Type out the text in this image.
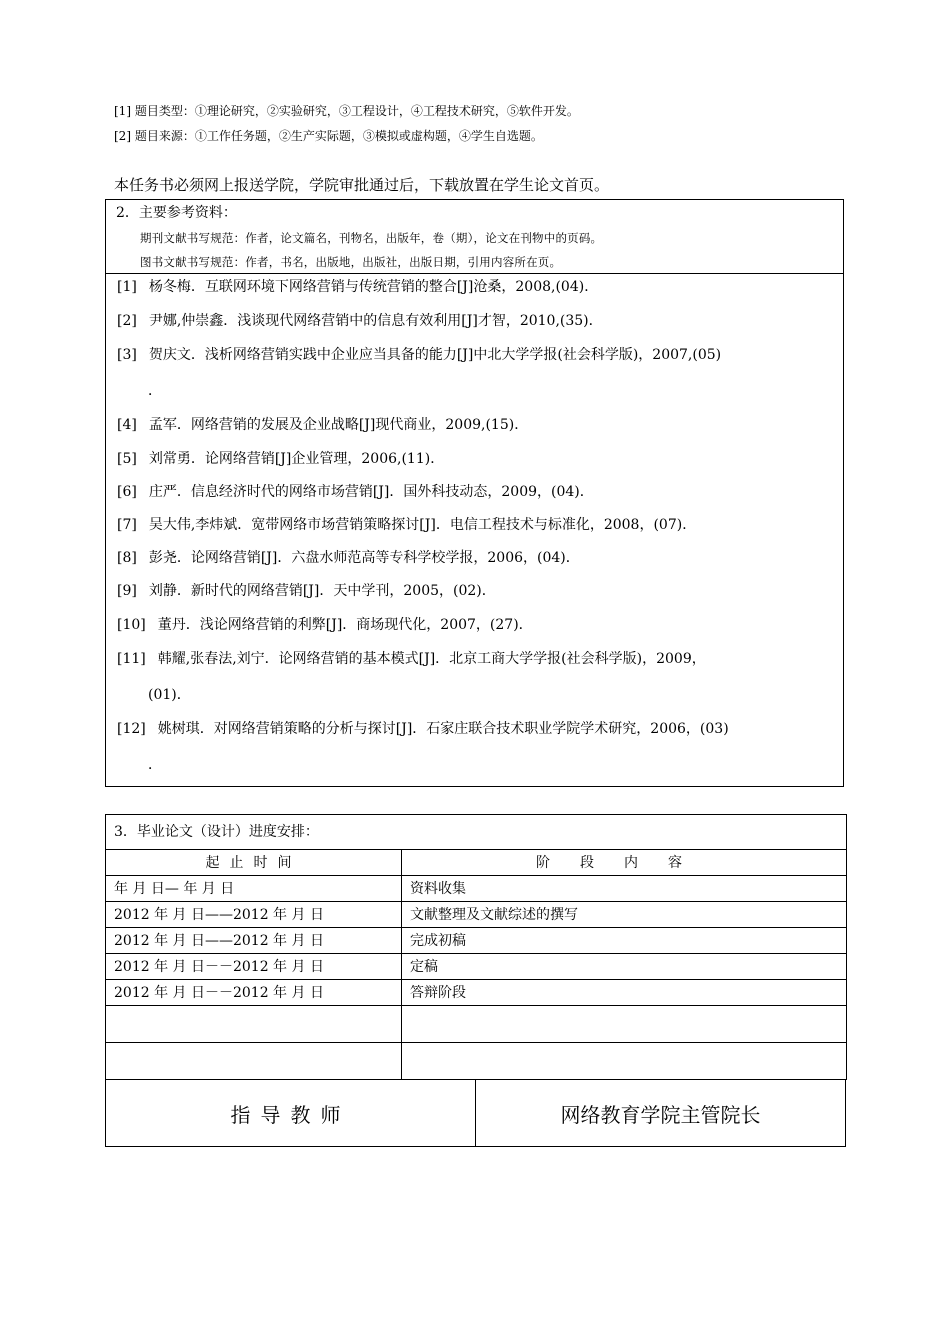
[1] 题目类型：①理论研究，②实验研究，③工程设计，④工程技术研究，⑤软件开发。
[2] 题目来源：①工作任务题，②生产实际题，③模拟或虚构题，④学生自选题。
本任务书必须网上报送学院，学院审批通过后，下载放置在学生论文首页。
2．主要参考资料：
期刊文献书写规范：作者，论文篇名，刊物名，出版年，卷（期），论文在刊物中的页码。
图书文献书写规范：作者，书名，出版地，出版社，出版日期，引用内容所在页。
[1] 杨冬梅．互联网环境下网络营销与传统营销的整合[J]沧桑，2008,(04)．
[2] 尹娜,仲崇鑫．浅谈现代网络营销中的信息有效利用[J]才智，2010,(35)．
[3] 贺庆文．浅析网络营销实践中企业应当具备的能力[J]中北大学学报(社会科学版)，2007,(05)
．
[4] 孟军．网络营销的发展及企业战略[J]现代商业，2009,(15)．
[5] 刘常勇．论网络营销[J]企业管理，2006,(11)．
[6] 庄严．信息经济时代的网络市场营销[J]．国外科技动态，2009，(04)．
[7] 吴大伟,李炜斌．宽带网络市场营销策略探讨[J]．电信工程技术与标准化，2008，(07)．
[8] 彭尧．论网络营销[J]．六盘水师范高等专科学校学报，2006，(04)．
[9] 刘静．新时代的网络营销[J]．天中学刊，2005，(02)．
[10] 董丹．浅论网络营销的利弊[J]．商场现代化，2007，(27)．
[11] 韩耀,张春法,刘宁．论网络营销的基本模式[J]．北京工商大学学报(社会科学版)，2009，
(01)．
[12] 姚树琪．对网络营销策略的分析与探讨[J]．石家庄联合技术职业学院学术研究，2006，(03)
．
3．毕业论文（设计）进度安排：	
起止时间	阶段内容
年 月 日— 年 月 日	资料收集
2012 年 月 日——2012 年 月 日	文献整理及文献综述的撰写
2012 年 月 日——2012 年 月 日	完成初稿
2012 年 月 日－－2012 年 月 日	定稿
2012 年 月 日－－2012 年 月 日	答辩阶段

指导教师	网络教育学院主管院长
